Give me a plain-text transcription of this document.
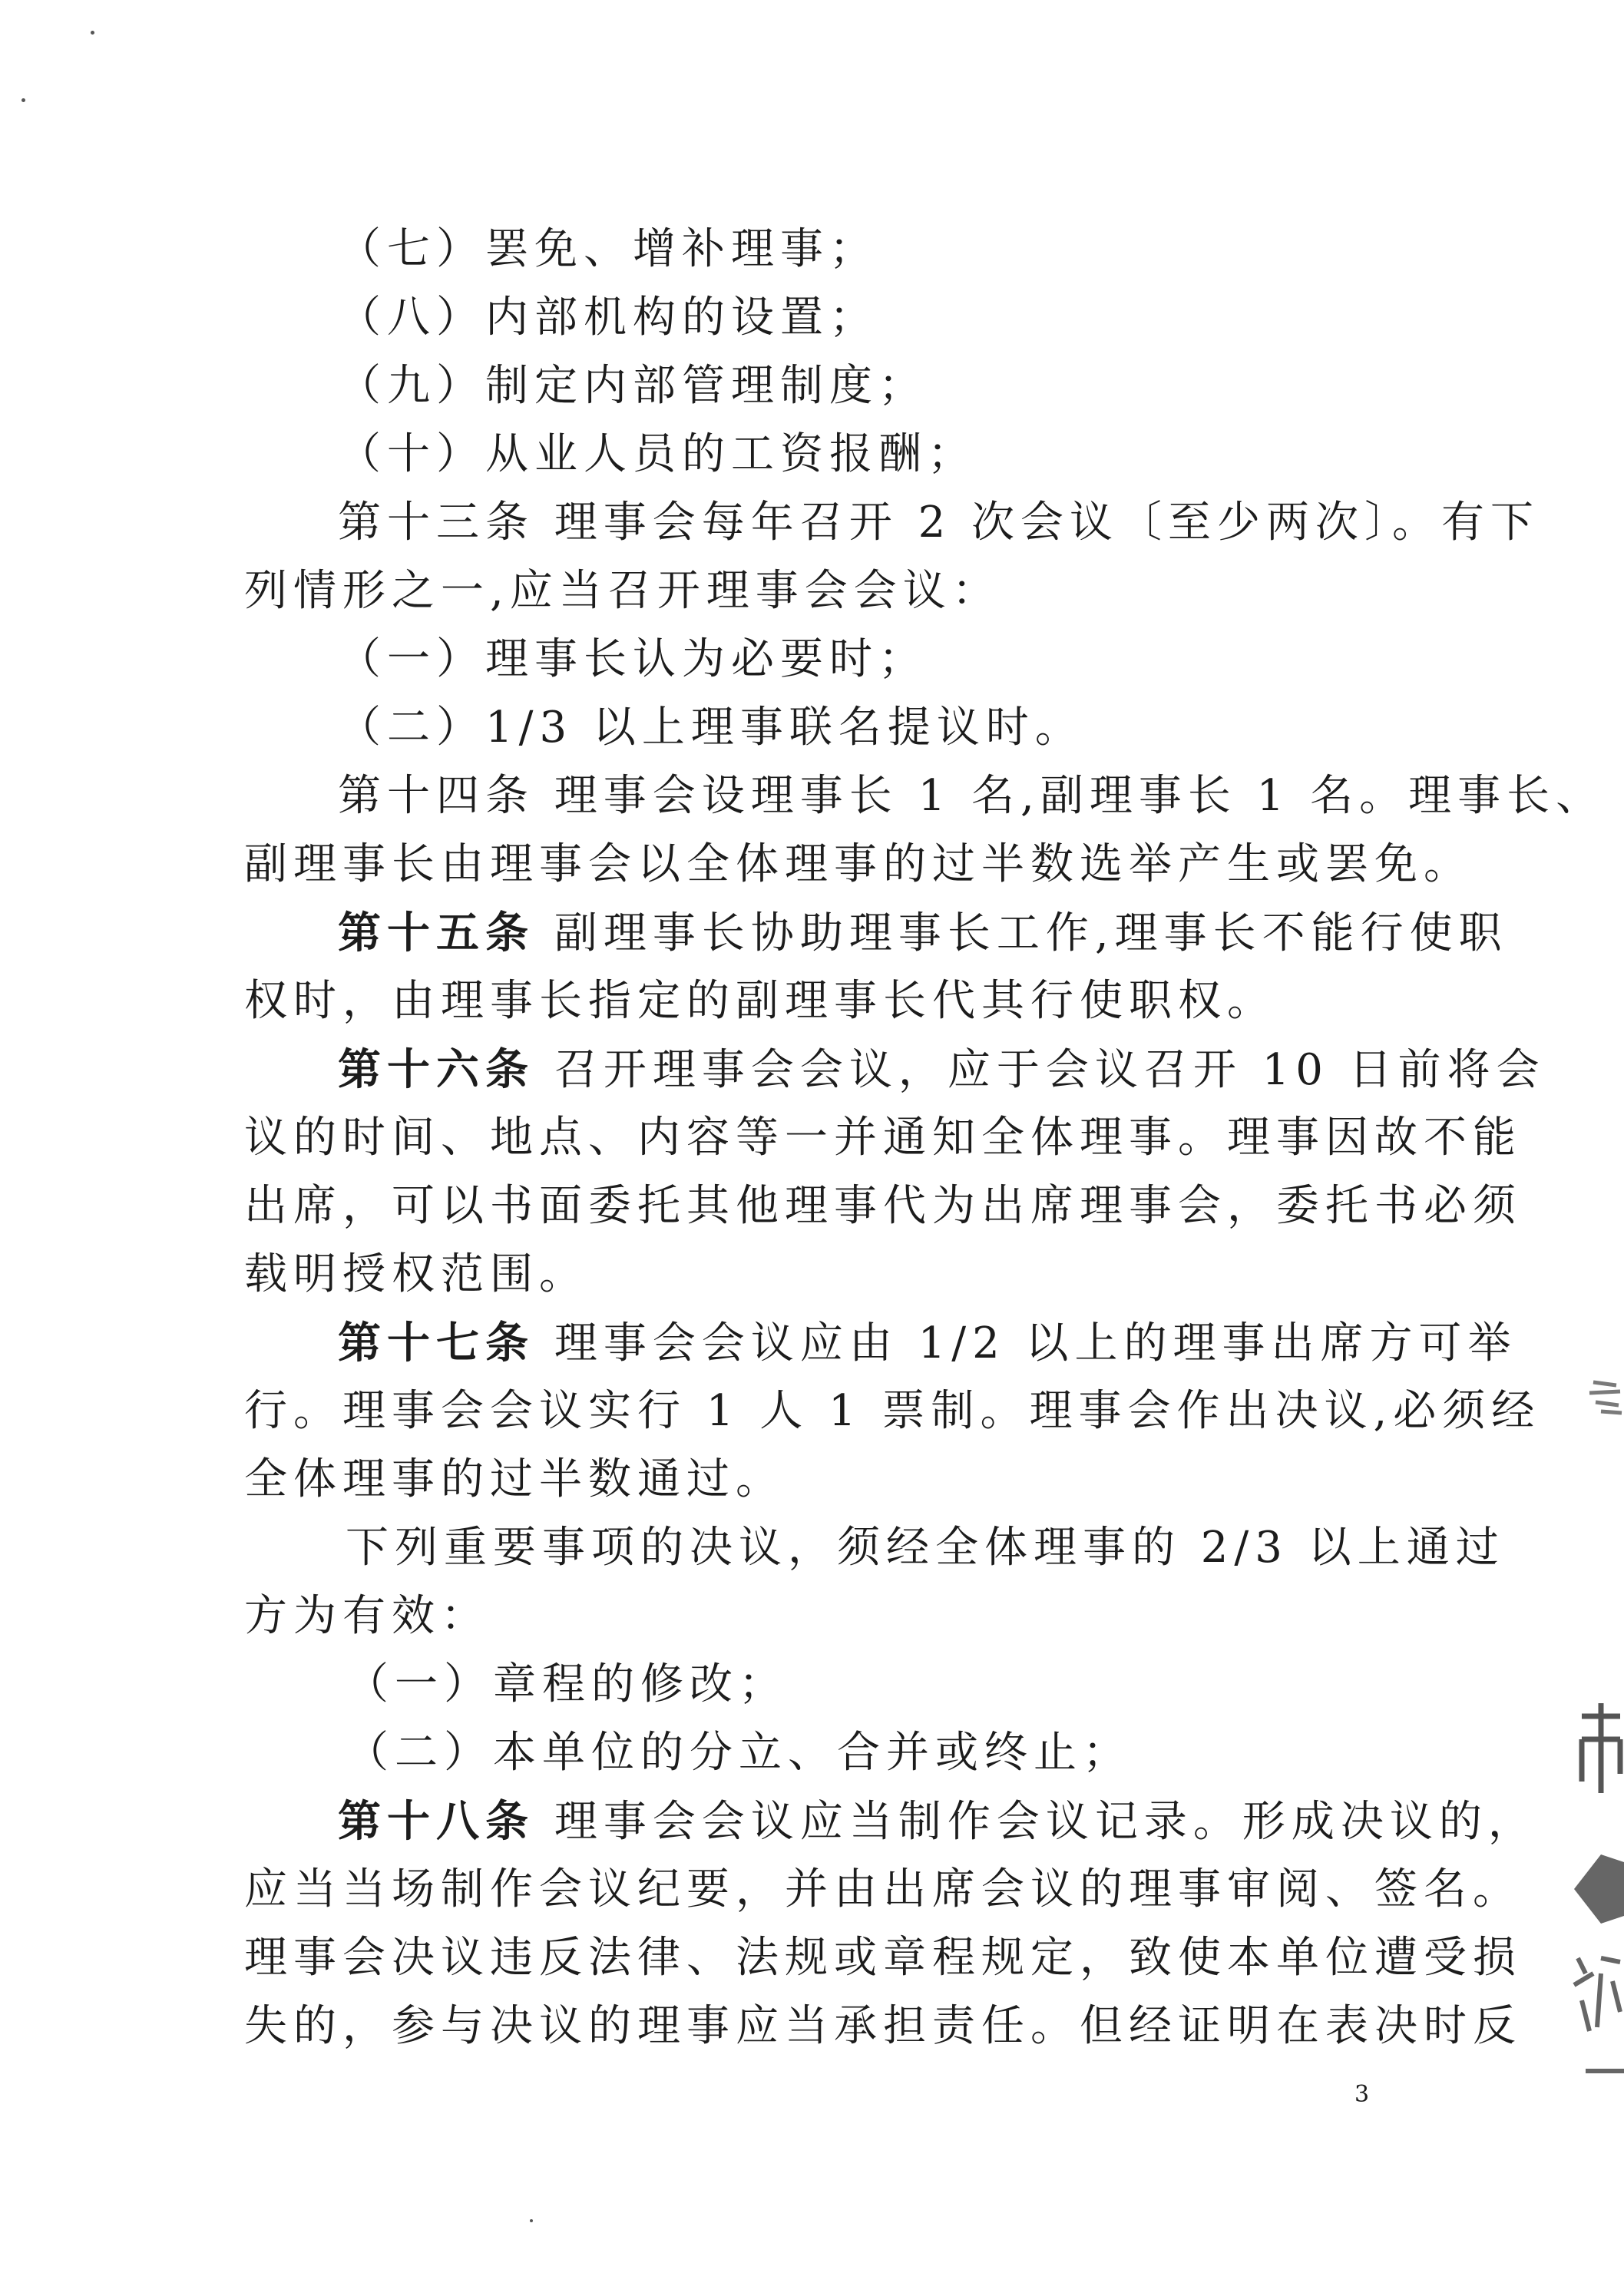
（七）罢免、增补理事；
（八）内部机构的设置；
（九）制定内部管理制度；
（十）从业人员的工资报酬；
第十三条 理事会每年召开 2 次会议〔至少两次〕。有下
列情形之一,应当召开理事会会议：
（一）理事长认为必要时；
（二）1/3 以上理事联名提议时。
第十四条 理事会设理事长 1 名,副理事长 1 名。理事长、
副理事长由理事会以全体理事的过半数选举产生或罢免。
第十五条 副理事长协助理事长工作,理事长不能行使职
权时，由理事长指定的副理事长代其行使职权。
第十六条 召开理事会会议，应于会议召开 10 日前将会
议的时间、地点、内容等一并通知全体理事。理事因故不能
出席，可以书面委托其他理事代为出席理事会，委托书必须
载明授权范围。
第十七条 理事会会议应由 1/2 以上的理事出席方可举
行。理事会会议实行 1 人 1 票制。理事会作出决议,必须经
全体理事的过半数通过。
下列重要事项的决议，须经全体理事的 2/3 以上通过
方为有效：
（一）章程的修改；
（二）本单位的分立、合并或终止；
第十八条 理事会会议应当制作会议记录。形成决议的，
应当当场制作会议纪要，并由出席会议的理事审阅、签名。
理事会决议违反法律、法规或章程规定，致使本单位遭受损
失的，参与决议的理事应当承担责任。但经证明在表决时反
3
